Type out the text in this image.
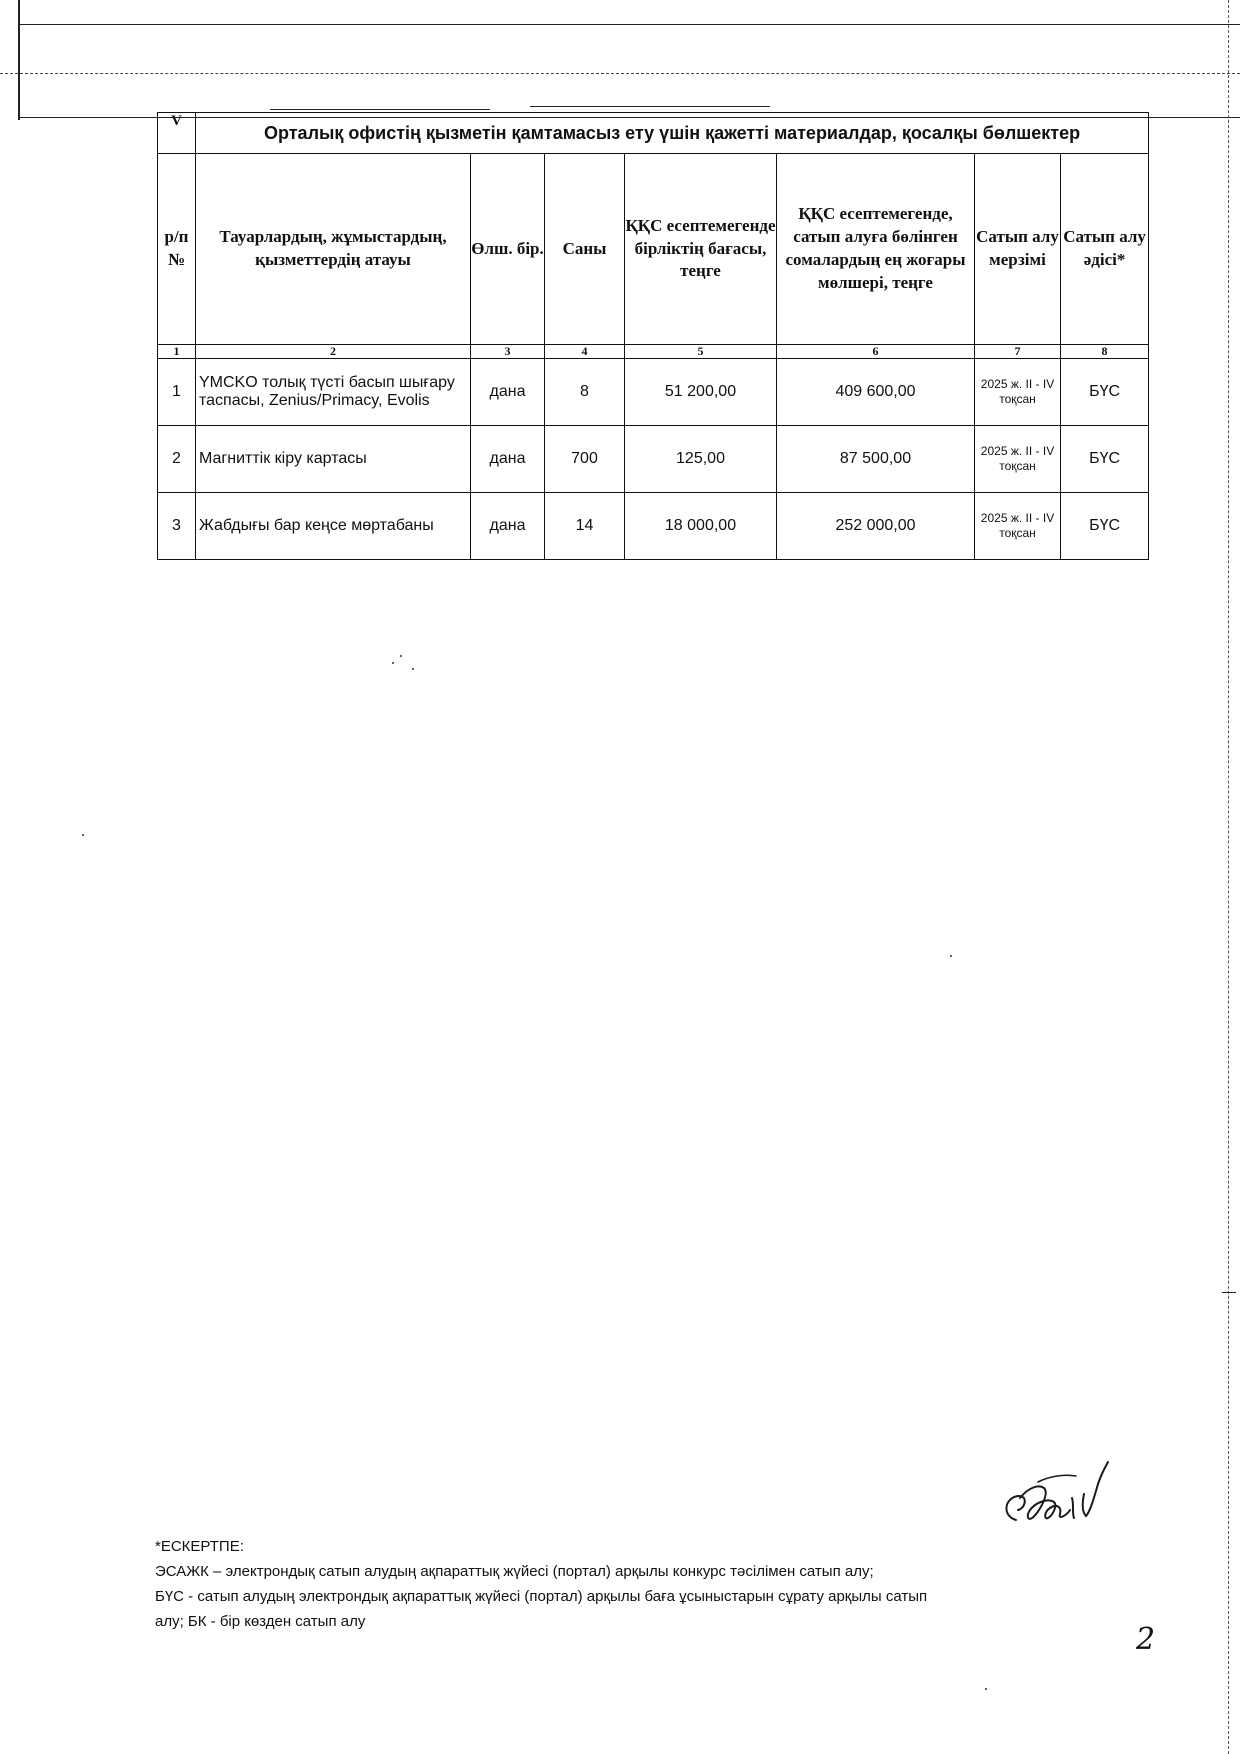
V	Орталық офистің қызметін қамтамасыз ету үшін қажетті материалдар, қосалқы бөлшектер						
р/п №	Тауарлардың, жұмыстардың, қызметтердің атауы	Өлш. бір.	Саны	ҚҚС есептемегенде бірліктің бағасы, теңге	ҚҚС есептемегенде, сатып алуға бөлінген сомалардың ең жоғары мөлшері, теңге	Сатып алу мерзімі	Сатып алу әдісі*
1	2	3	4	5	6	7	8
1	YMCKO толық түсті басып шығару таспасы, Zenius/Primacy, Evolis	дана	8	51 200,00	409 600,00	2025 ж. II - IV тоқсан	БҮС
2	Магниттік кіру картасы	дана	700	125,00	87 500,00	2025 ж. II - IV тоқсан	БҮС
3	Жабдығы бар кеңсе мөртабаны	дана	14	18 000,00	252 000,00	2025 ж. II - IV тоқсан	БҮС
*ЕСКЕРТПЕ:
ЭСАЖК – электрондық сатып алудың ақпараттық жүйесі (портал) арқылы конкурс тәсілімен сатып алу;
БҮС - сатып алудың электрондық ақпараттық жүйесі (портал) арқылы баға ұсыныстарын сұрату арқылы сатып
алу; БК - бір көзден сатып алу
2
